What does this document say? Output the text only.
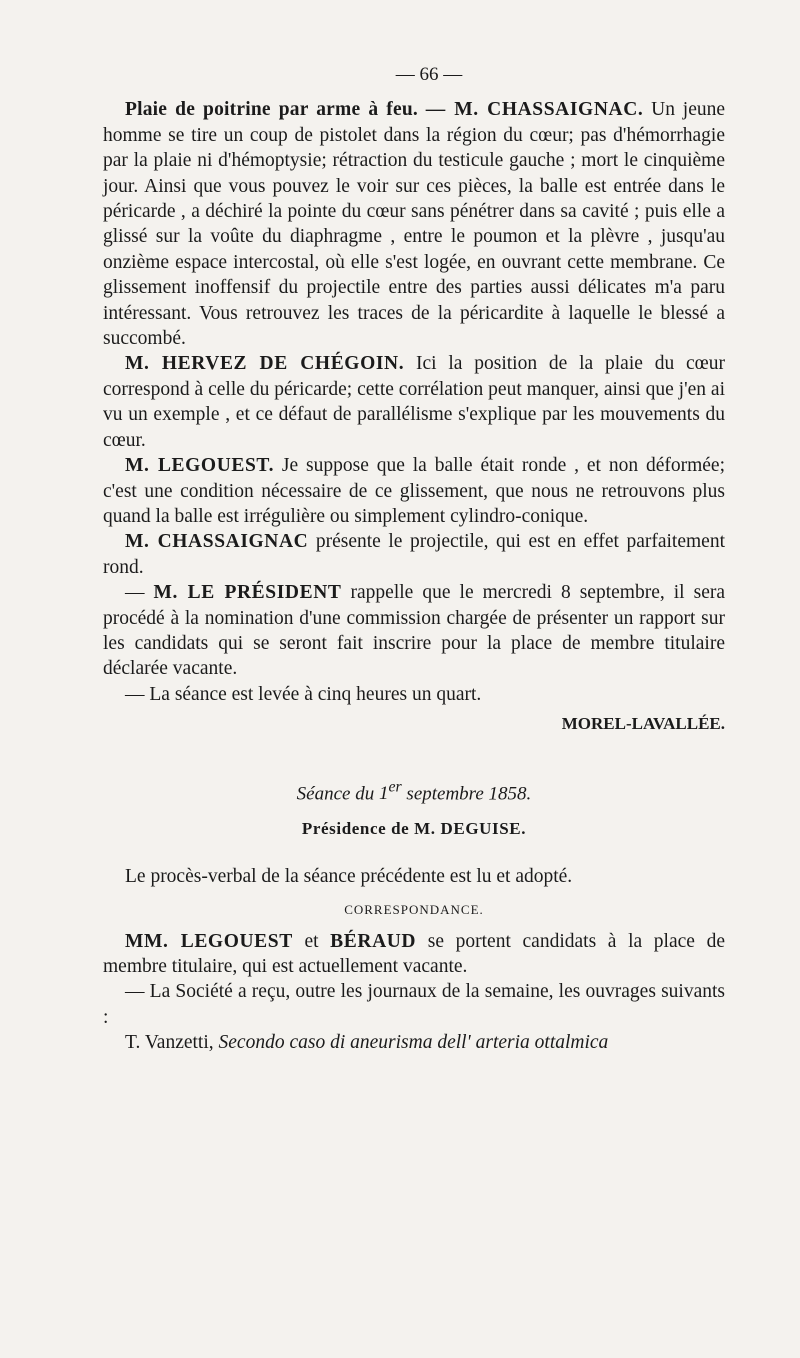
— 66 —

Plaie de poitrine par arme à feu. — M. CHASSAIGNAC. Un jeune homme se tire un coup de pistolet dans la région du cœur; pas d'hémorrhagie par la plaie ni d'hémoptysie; rétraction du testicule gauche ; mort le cinquième jour. Ainsi que vous pouvez le voir sur ces pièces, la balle est entrée dans le péricarde , a déchiré la pointe du cœur sans pénétrer dans sa cavité ; puis elle a glissé sur la voûte du diaphragme , entre le poumon et la plèvre , jusqu'au onzième espace intercostal, où elle s'est logée, en ouvrant cette membrane. Ce glissement inoffensif du projectile entre des parties aussi délicates m'a paru intéressant. Vous retrouvez les traces de la péricardite à laquelle le blessé a succombé.

M. HERVEZ DE CHÉGOIN. Ici la position de la plaie du cœur correspond à celle du péricarde; cette corrélation peut manquer, ainsi que j'en ai vu un exemple , et ce défaut de parallélisme s'explique par les mouvements du cœur.

M. LEGOUEST. Je suppose que la balle était ronde , et non déformée; c'est une condition nécessaire de ce glissement, que nous ne retrouvons plus quand la balle est irrégulière ou simplement cylindro-conique.

M. CHASSAIGNAC présente le projectile, qui est en effet parfaitement rond.

— M. LE PRÉSIDENT rappelle que le mercredi 8 septembre, il sera procédé à la nomination d'une commission chargée de présenter un rapport sur les candidats qui se seront fait inscrire pour la place de membre titulaire déclarée vacante.

— La séance est levée à cinq heures un quart.

MOREL-LAVALLÉE.
Séance du 1er septembre 1858.
Présidence de M. DEGUISE.

Le procès-verbal de la séance précédente est lu et adopté.

CORRESPONDANCE.

MM. LEGOUEST et BÉRAUD se portent candidats à la place de membre titulaire, qui est actuellement vacante.

— La Société a reçu, outre les journaux de la semaine, les ouvrages suivants :

T. Vanzetti, Secondo caso di aneurisma dell' arteria ottalmica
